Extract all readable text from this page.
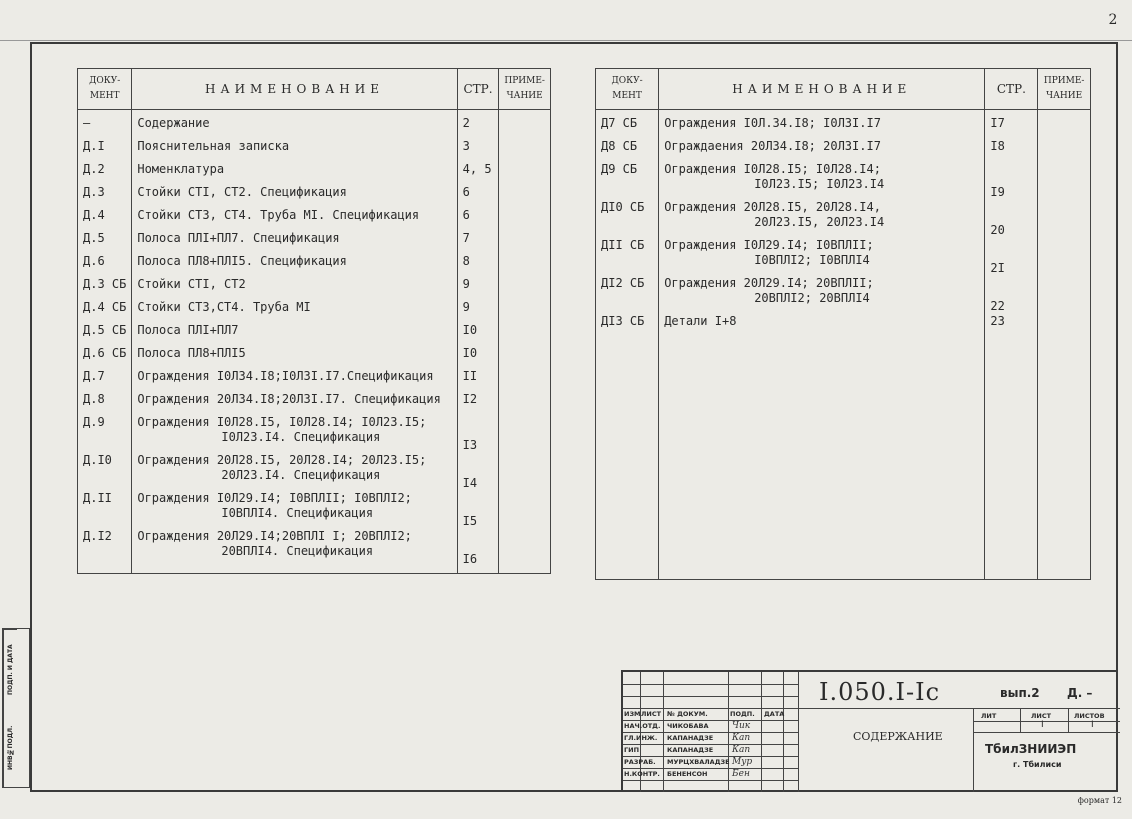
2
ДОКУ-МЕНТ	НАИМЕНОВАНИЕ	СТР.	ПРИМЕ-ЧАНИЕ

–	Содержание	2	
Д.I	Пояснительная записка	3	
Д.2	Номенклатура	4, 5	
Д.3	Стойки СТI, СТ2. Спецификация	6	
Д.4	Стойки СТ3, СТ4. Труба МI. Спецификация	6	
Д.5	Полоса ПЛI+ПЛ7. Спецификация	7	
Д.6	Полоса ПЛ8+ПЛI5. Спецификация	8	
Д.3 СБ	Стойки СТI, СТ2	9	
Д.4 СБ	Стойки СТ3,СТ4. Труба МI	9	
Д.5 СБ	Полоса ПЛI+ПЛ7	I0	
Д.6 СБ	Полоса ПЛ8+ПЛI5	I0	
Д.7	Ограждения I0Л34.I8;I0Л3I.I7.Спецификация	II	
Д.8	Ограждения 20Л34.I8;20Л3I.I7. Спецификация	I2	
Д.9	Ограждения I0Л28.I5, I0Л28.I4; I0Л23.I5;
I0Л23.I4. Спецификация	I3	
Д.I0	Ограждения 20Л28.I5, 20Л28.I4; 20Л23.I5;
20Л23.I4. Спецификация	I4	
Д.II	Ограждения I0Л29.I4; I0ВПЛII; I0ВПЛI2;
I0ВПЛI4. Спецификация	I5	
Д.I2	Ограждения 20Л29.I4;20ВПЛI I; 20ВПЛI2;
20ВПЛI4. Спецификация	I6	

ДОКУ-МЕНТ	НАИМЕНОВАНИЕ	СТР.	ПРИМЕ-ЧАНИЕ

Д7 СБ	Ограждения I0Л.34.I8; I0Л3I.I7	I7	
Д8 СБ	Ограждаения 20Л34.I8; 20Л3I.I7	I8	
Д9 СБ	Ограждения I0Л28.I5; I0Л28.I4;
I0Л23.I5; I0Л23.I4	I9	
ДI0 СБ	Ограждения 20Л28.I5, 20Л28.I4,
20Л23.I5, 20Л23.I4	20	
ДII СБ	Ограждения I0Л29.I4; I0ВПЛII;
I0ВПЛI2; I0ВПЛI4	2I	
ДI2 СБ	Ограждения 20Л29.I4; 20ВПЛII;
20ВПЛI2; 20ВПЛI4	22	
ДI3 СБ	Детали I+8	23	

ПОДП. И ДАТА
ИНВ№ПОДЛ.
ИЗМ ЛИСТ № ДОКУМ.	ПОДП. ДАТА
НАЧ.ОТД. ЧИКОБАВА	Чик
ГЛ.ИНЖ. КАПАНАДЗЕ Кап
ГИП	КАПАНАДЗЕ Кап
РАЗРАБ. МУРЦХВАЛАДЗЕ Мур
Н.КОНТР. БЕНЕНСОН	Бен
I.050.I-Iс	вып.2 Д. –
СОДЕРЖАНИЕ
ЛИТ	ЛИСТ	ЛИСТОВ
I	I
ТбилЗНИИЭП
г. Тбилиси
формат 12
